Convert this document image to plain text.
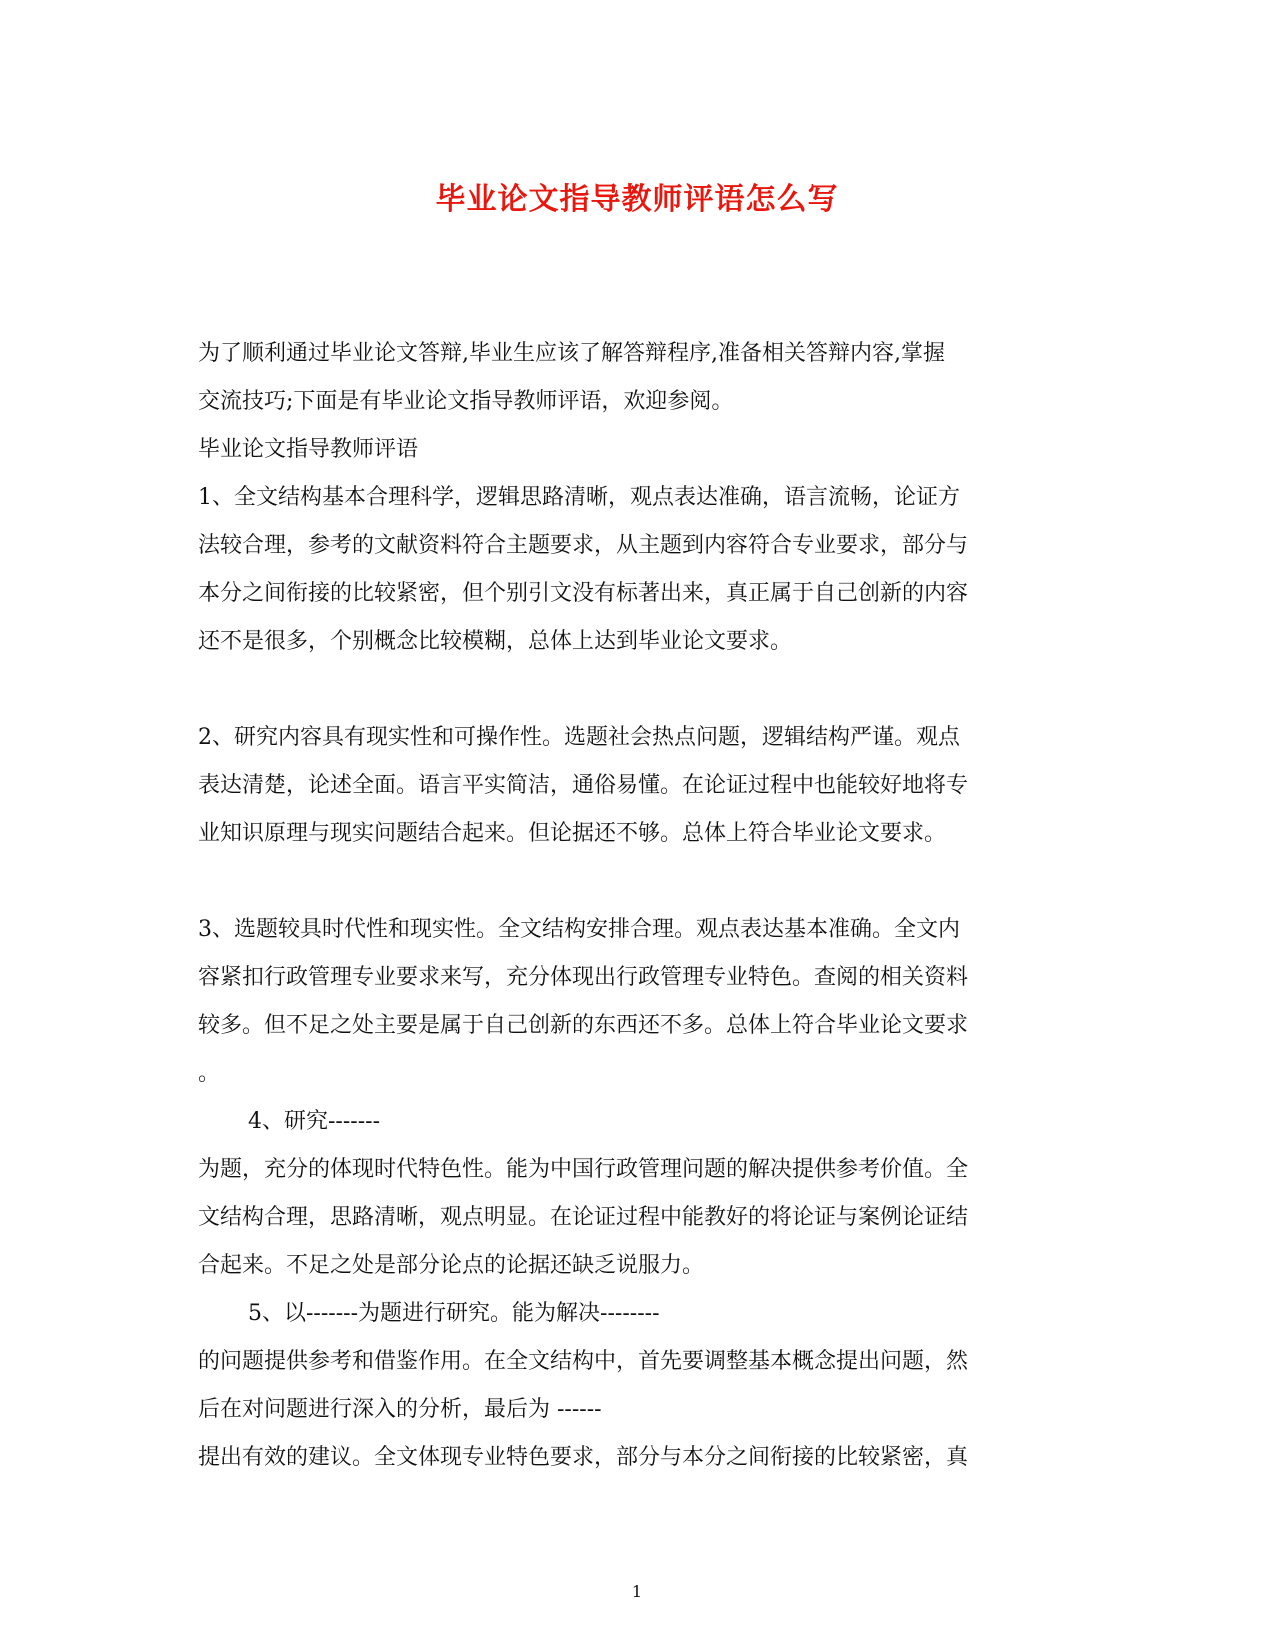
毕业论文指导教师评语怎么写
为了顺利通过毕业论文答辩,毕业生应该了解答辩程序,准备相关答辩内容,掌握
交流技巧;下面是有毕业论文指导教师评语，欢迎参阅。
毕业论文指导教师评语
1、全文结构基本合理科学，逻辑思路清晰，观点表达准确，语言流畅，论证方
法较合理，参考的文献资料符合主题要求，从主题到内容符合专业要求，部分与
本分之间衔接的比较紧密，但个别引文没有标著出来，真正属于自己创新的内容
还不是很多，个别概念比较模糊，总体上达到毕业论文要求。
2、研究内容具有现实性和可操作性。选题社会热点问题，逻辑结构严谨。观点
表达清楚，论述全面。语言平实简洁，通俗易懂。在论证过程中也能较好地将专
业知识原理与现实问题结合起来。但论据还不够。总体上符合毕业论文要求。
3、选题较具时代性和现实性。全文结构安排合理。观点表达基本准确。全文内
容紧扣行政管理专业要求来写，充分体现出行政管理专业特色。查阅的相关资料
较多。但不足之处主要是属于自己创新的东西还不多。总体上符合毕业论文要求
。
4、研究-------
为题，充分的体现时代特色性。能为中国行政管理问题的解决提供参考价值。全
文结构合理，思路清晰，观点明显。在论证过程中能教好的将论证与案例论证结
合起来。不足之处是部分论点的论据还缺乏说服力。
5、以-------为题进行研究。能为解决--------
的问题提供参考和借鉴作用。在全文结构中，首先要调整基本概念提出问题，然
后在对问题进行深入的分析，最后为 ------
提出有效的建议。全文体现专业特色要求，部分与本分之间衔接的比较紧密，真
1
